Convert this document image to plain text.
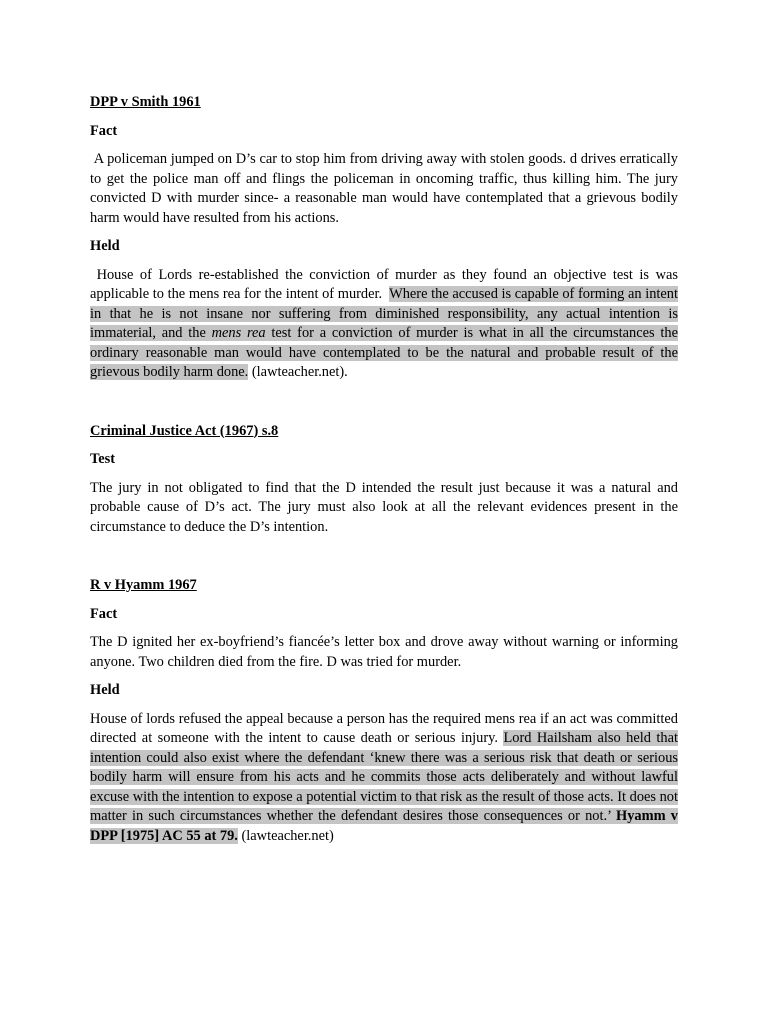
DPP v Smith 1961
Fact

A policeman jumped on D’s car to stop him from driving away with stolen goods. d drives erratically to get the police man off and flings the policeman in oncoming traffic, thus killing him. The jury convicted D with murder since- a reasonable man would have contemplated that a grievous bodily harm would have resulted from his actions.

Held

House of Lords re-established the conviction of murder as they found an objective test is was applicable to the mens rea for the intent of murder. Where the accused is capable of forming an intent in that he is not insane nor suffering from diminished responsibility, any actual intention is immaterial, and the mens rea test for a conviction of murder is what in all the circumstances the ordinary reasonable man would have contemplated to be the natural and probable result of the grievous bodily harm done. (lawteacher.net).

Criminal Justice Act (1967) s.8
Test

The jury in not obligated to find that the D intended the result just because it was a natural and probable cause of D’s act. The jury must also look at all the relevant evidences present in the circumstance to deduce the D’s intention.

R v Hyamm 1967
Fact

The D ignited her ex-boyfriend’s fiancée’s letter box and drove away without warning or informing anyone. Two children died from the fire. D was tried for murder.

Held

House of lords refused the appeal because a person has the required mens rea if an act was committed directed at someone with the intent to cause death or serious injury. Lord Hailsham also held that intention could also exist where the defendant ‘knew there was a serious risk that death or serious bodily harm will ensure from his acts and he commits those acts deliberately and without lawful excuse with the intention to expose a potential victim to that risk as the result of those acts. It does not matter in such circumstances whether the defendant desires those consequences or not.’ Hyamm v DPP [1975] AC 55 at 79. (lawteacher.net)
